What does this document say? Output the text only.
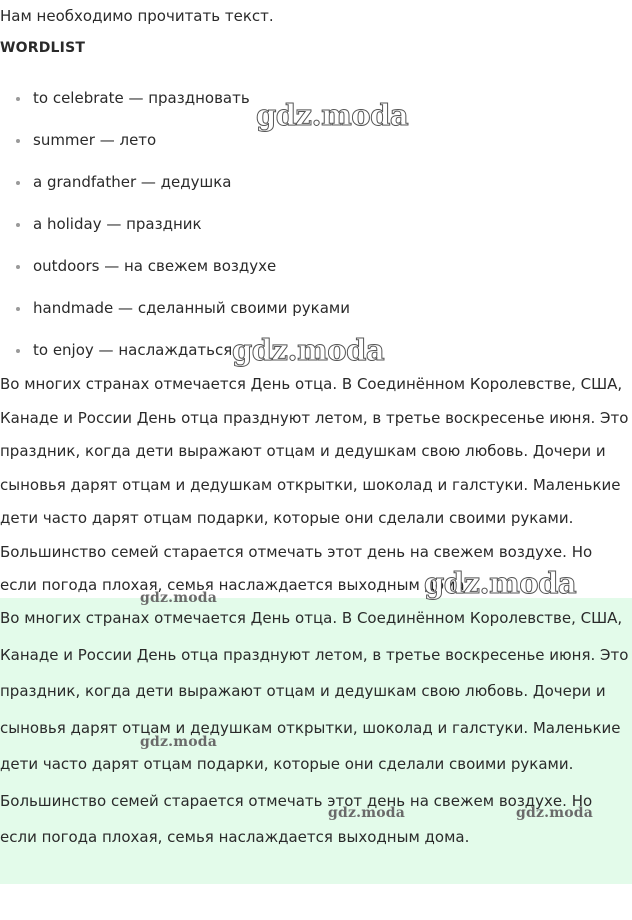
Нам необходимо прочитать текст.
WORDLIST
to celebrate — праздновать
summer — лето
a grandfather — дедушка
a holiday — праздник
outdoors — на свежем воздухе
handmade — сделанный своими руками
to enjoy — наслаждаться

Во многих странах отмечается День отца. В Соединённом Королевстве, США, Канаде и России День отца празднуют летом, в третье воскресенье июня. Это праздник, когда дети выражают отцам и дедушкам свою любовь. Дочери и сыновья дарят отцам и дедушкам открытки, шоколад и галстуки. Маленькие дети часто дарят отцам подарки, которые они сделали своими руками. Большинство семей старается отмечать этот день на свежем воздухе. Но если погода плохая, семья наслаждается выходным дома.

Во многих странах отмечается День отца. В Соединённом Королевстве, США, Канаде и России День отца празднуют летом, в третье воскресенье июня. Это праздник, когда дети выражают отцам и дедушкам свою любовь. Дочери и сыновья дарят отцам и дедушкам открытки, шоколад и галстуки. Маленькие дети часто дарят отцам подарки, которые они сделали своими руками. Большинство семей старается отмечать этот день на свежем воздухе. Но если погода плохая, семья наслаждается выходным дома.

gdz.moda
gdz.moda
gdz.moda
gdz.moda
gdz.moda
gdz.moda	gdz.moda
